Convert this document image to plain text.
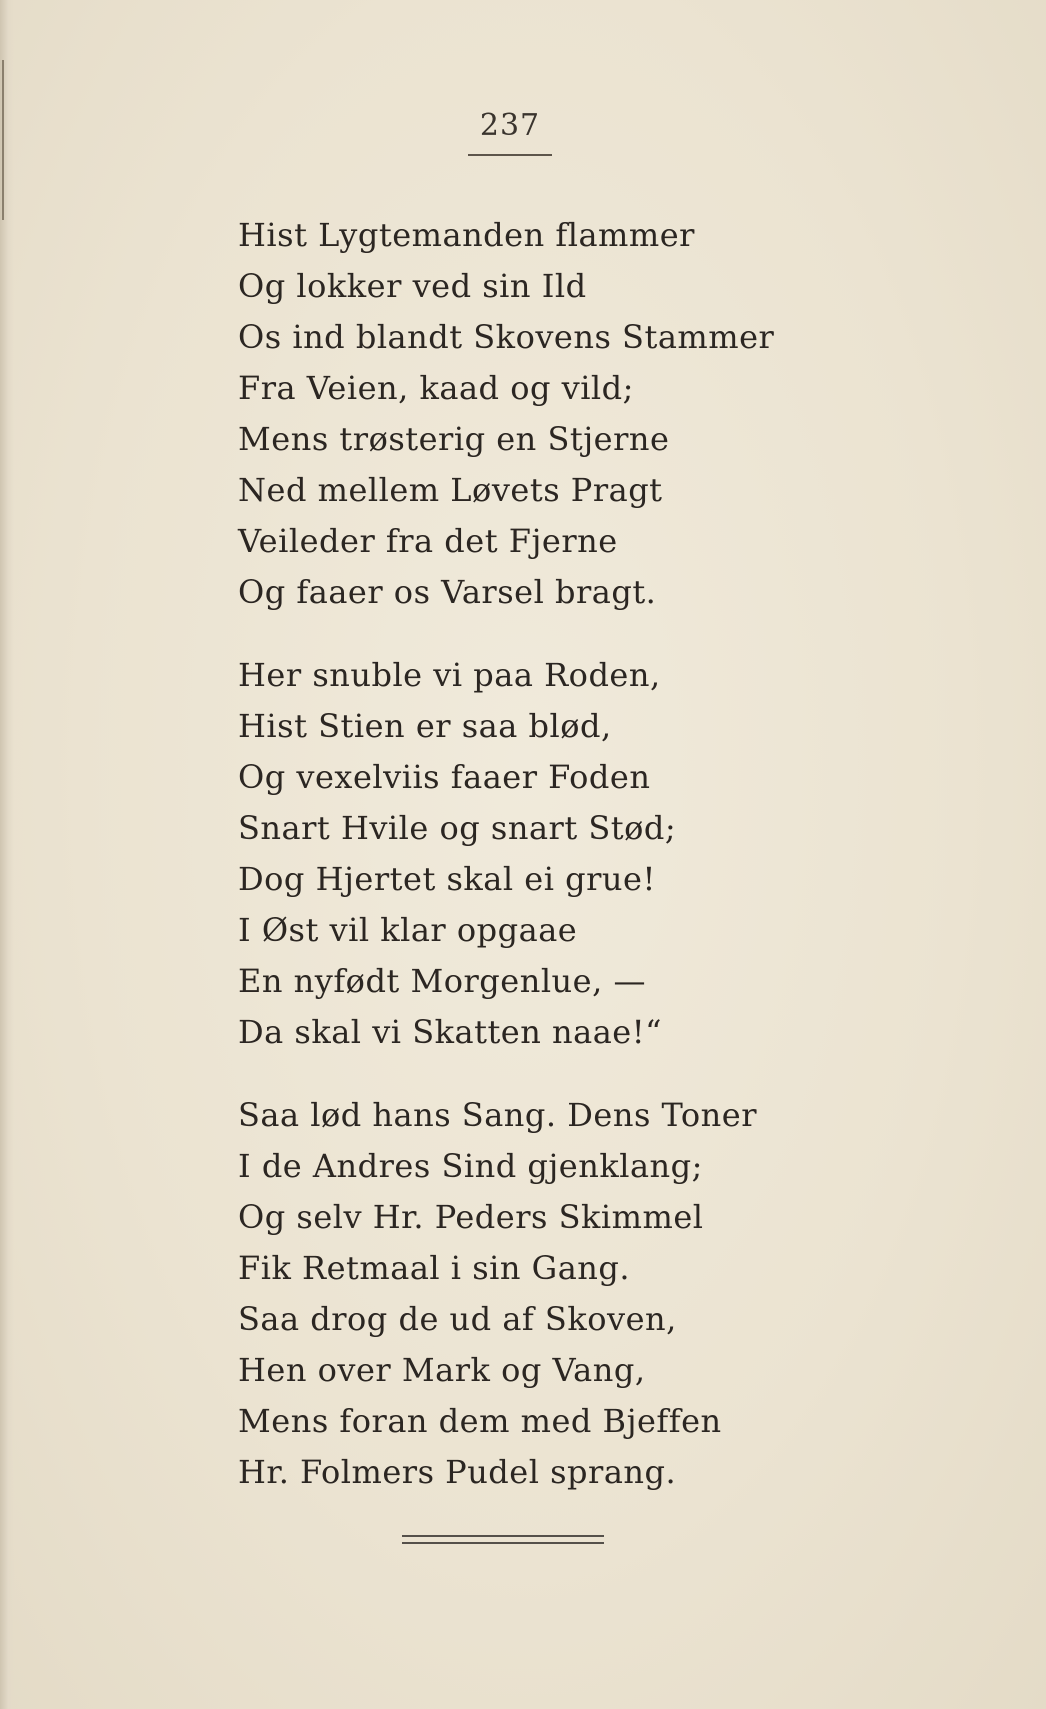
237
Hist Lygtemanden flammer
Og lokker ved sin Ild
Os ind blandt Skovens Stammer
Fra Veien, kaad og vild;
Mens trøsterig en Stjerne
Ned mellem Løvets Pragt
Veileder fra det Fjerne
Og faaer os Varsel bragt.
Her snuble vi paa Roden,
Hist Stien er saa blød,
Og vexelviis faaer Foden
Snart Hvile og snart Stød;
Dog Hjertet skal ei grue!
I Øst vil klar opgaae
En nyfødt Morgenlue, —
Da skal vi Skatten naae!“
Saa lød hans Sang. Dens Toner
I de Andres Sind gjenklang;
Og selv Hr. Peders Skimmel
Fik Retmaal i sin Gang.
Saa drog de ud af Skoven,
Hen over Mark og Vang,
Mens foran dem med Bjeffen
Hr. Folmers Pudel sprang.
